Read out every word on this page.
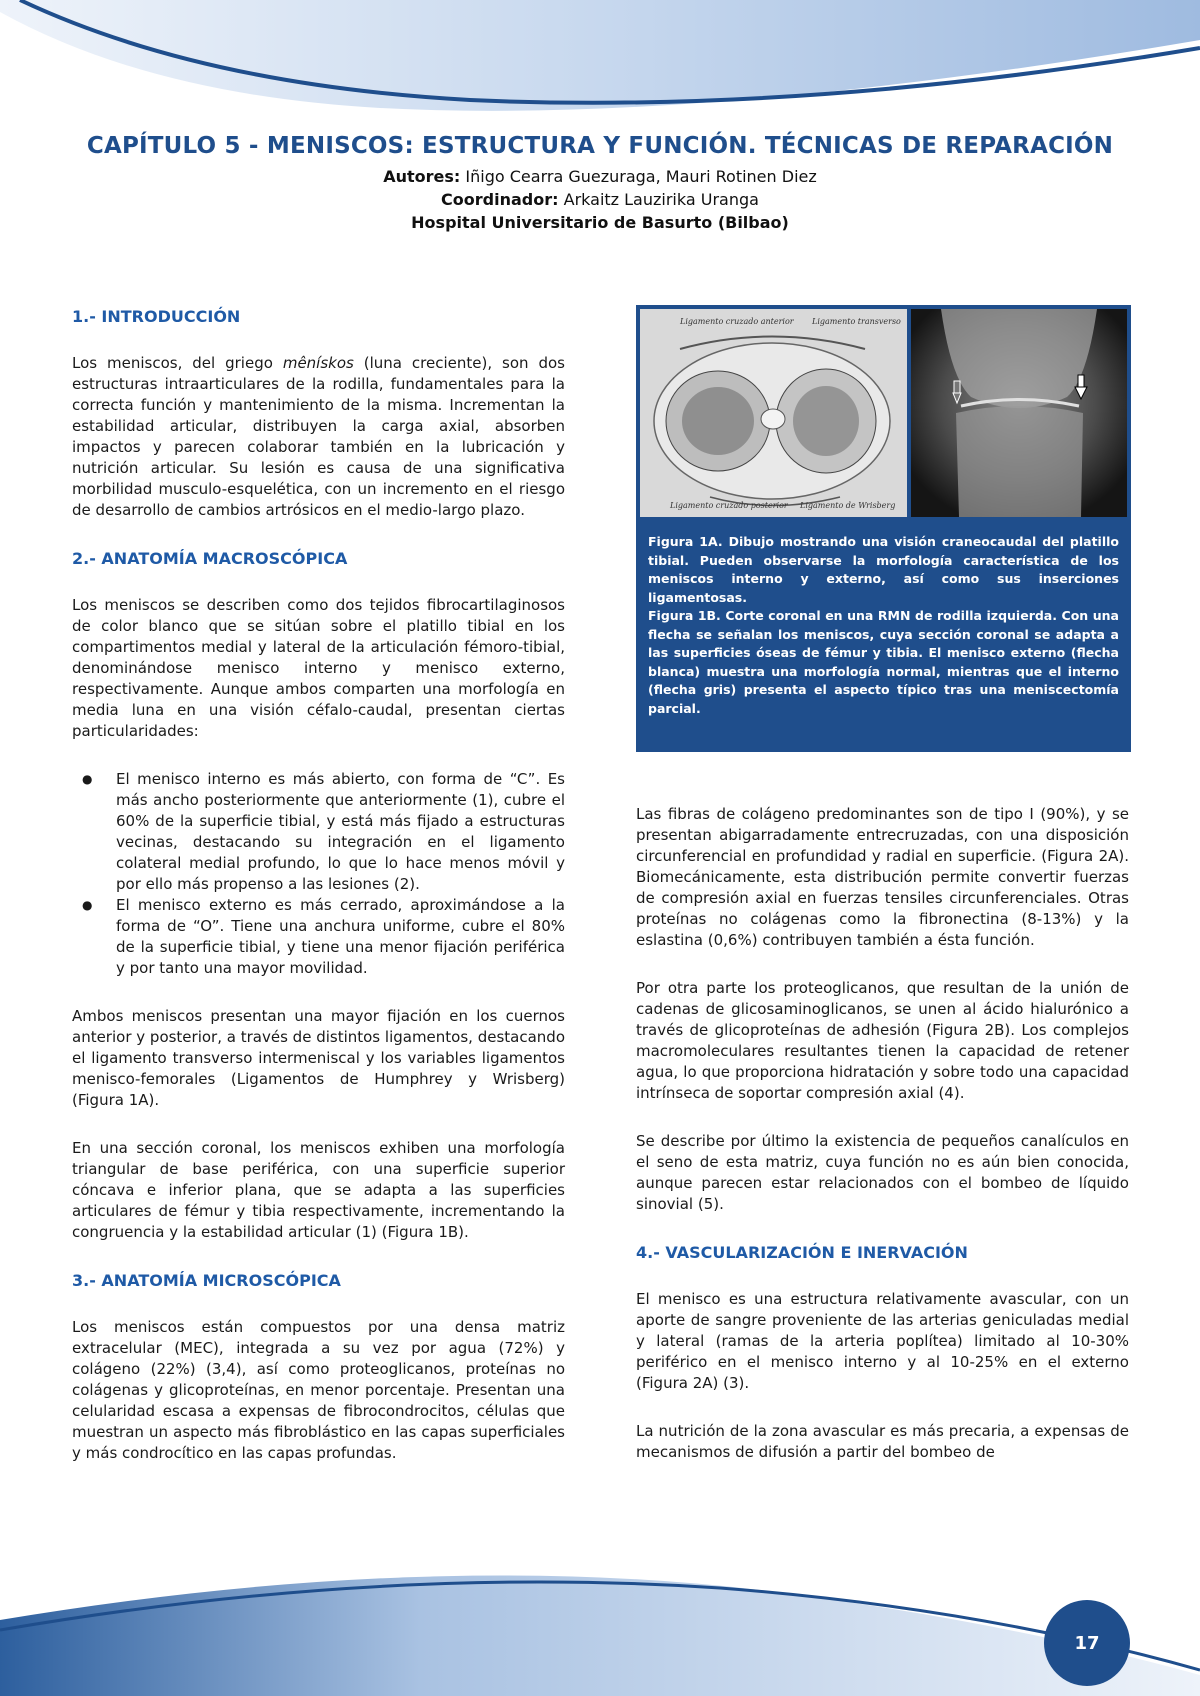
CAPÍTULO 5 - MENISCOS: ESTRUCTURA Y FUNCIÓN. TÉCNICAS DE REPARACIÓN
Autores: Iñigo Cearra Guezuraga, Mauri Rotinen Diez
Coordinador: Arkaitz Lauzirika Uranga
Hospital Universitario de Basurto (Bilbao)
1.- INTRODUCCIÓN

Los meniscos, del griego mênískos (luna creciente), son dos estructuras intraarticulares de la rodilla, fundamentales para la correcta función y mantenimiento de la misma. Incrementan la estabilidad articular, distribuyen la carga axial, absorben impactos y parecen colaborar también en la lubricación y nutrición articular. Su lesión es causa de una significativa morbilidad musculo-esquelética, con un incremento en el riesgo de desarrollo de cambios artrósicos en el medio-largo plazo.

2.- ANATOMÍA MACROSCÓPICA

Los meniscos se describen como dos tejidos fibrocartilaginosos de color blanco que se sitúan sobre el platillo tibial en los compartimentos medial y lateral de la articulación fémoro-tibial, denominándose menisco interno y menisco externo, respectivamente. Aunque ambos comparten una morfología en media luna en una visión céfalo-caudal, presentan ciertas particularidades:

● El menisco interno es más abierto, con forma de “C”. Es más ancho posteriormente que anteriormente (1), cubre el 60% de la superficie tibial, y está más fijado a estructuras vecinas, destacando su integración en el ligamento colateral medial profundo, lo que lo hace menos móvil y por ello más propenso a las lesiones (2).
● El menisco externo es más cerrado, aproximándose a la forma de “O”. Tiene una anchura uniforme, cubre el 80% de la superficie tibial, y tiene una menor fijación periférica y por tanto una mayor movilidad.

Ambos meniscos presentan una mayor fijación en los cuernos anterior y posterior, a través de distintos ligamentos, destacando el ligamento transverso intermeniscal y los variables ligamentos menisco-femorales (Ligamentos de Humphrey y Wrisberg) (Figura 1A).

En una sección coronal, los meniscos exhiben una morfología triangular de base periférica, con una superficie superior cóncava e inferior plana, que se adapta a las superficies articulares de fémur y tibia respectivamente, incrementando la congruencia y la estabilidad articular (1) (Figura 1B).

3.- ANATOMÍA MICROSCÓPICA

Los meniscos están compuestos por una densa matriz extracelular (MEC), integrada a su vez por agua (72%) y colágeno (22%) (3,4), así como proteoglicanos, proteínas no colágenas y glicoproteínas, en menor porcentaje. Presentan una celularidad escasa a expensas de fibrocondrocitos, células que muestran un aspecto más fibroblástico en las capas superficiales y más condrocítico en las capas profundas.

Ligamento cruzado anterior Ligamento transverso
Ligamento cruzado posterior Ligamento de Wrisberg

Figura 1A. Dibujo mostrando una visión craneocaudal del platillo tibial. Pueden observarse la morfología característica de los meniscos interno y externo, así como sus inserciones ligamentosas.

Figura 1B. Corte coronal en una RMN de rodilla izquierda. Con una flecha se señalan los meniscos, cuya sección coronal se adapta a las superficies óseas de fémur y tibia. El menisco externo (flecha blanca) muestra una morfología normal, mientras que el interno (flecha gris) presenta el aspecto típico tras una meniscectomía parcial.

Las fibras de colágeno predominantes son de tipo I (90%), y se presentan abigarradamente entrecruzadas, con una disposición circunferencial en profundidad y radial en superficie. (Figura 2A). Biomecánicamente, esta distribución permite convertir fuerzas de compresión axial en fuerzas tensiles circunferenciales. Otras proteínas no colágenas como la fibronectina (8-13%) y la eslastina (0,6%) contribuyen también a ésta función.

Por otra parte los proteoglicanos, que resultan de la unión de cadenas de glicosaminoglicanos, se unen al ácido hialurónico a través de glicoproteínas de adhesión (Figura 2B). Los complejos macromoleculares resultantes tienen la capacidad de retener agua, lo que proporciona hidratación y sobre todo una capacidad intrínseca de soportar compresión axial (4).

Se describe por último la existencia de pequeños canalículos en el seno de esta matriz, cuya función no es aún bien conocida, aunque parecen estar relacionados con el bombeo de líquido sinovial (5).

4.- VASCULARIZACIÓN E INERVACIÓN

El menisco es una estructura relativamente avascular, con un aporte de sangre proveniente de las arterias geniculadas medial y lateral (ramas de la arteria poplítea) limitado al 10-30% periférico en el menisco interno y al 10-25% en el externo (Figura 2A) (3).

La nutrición de la zona avascular es más precaria, a expensas de mecanismos de difusión a partir del bombeo de

17
